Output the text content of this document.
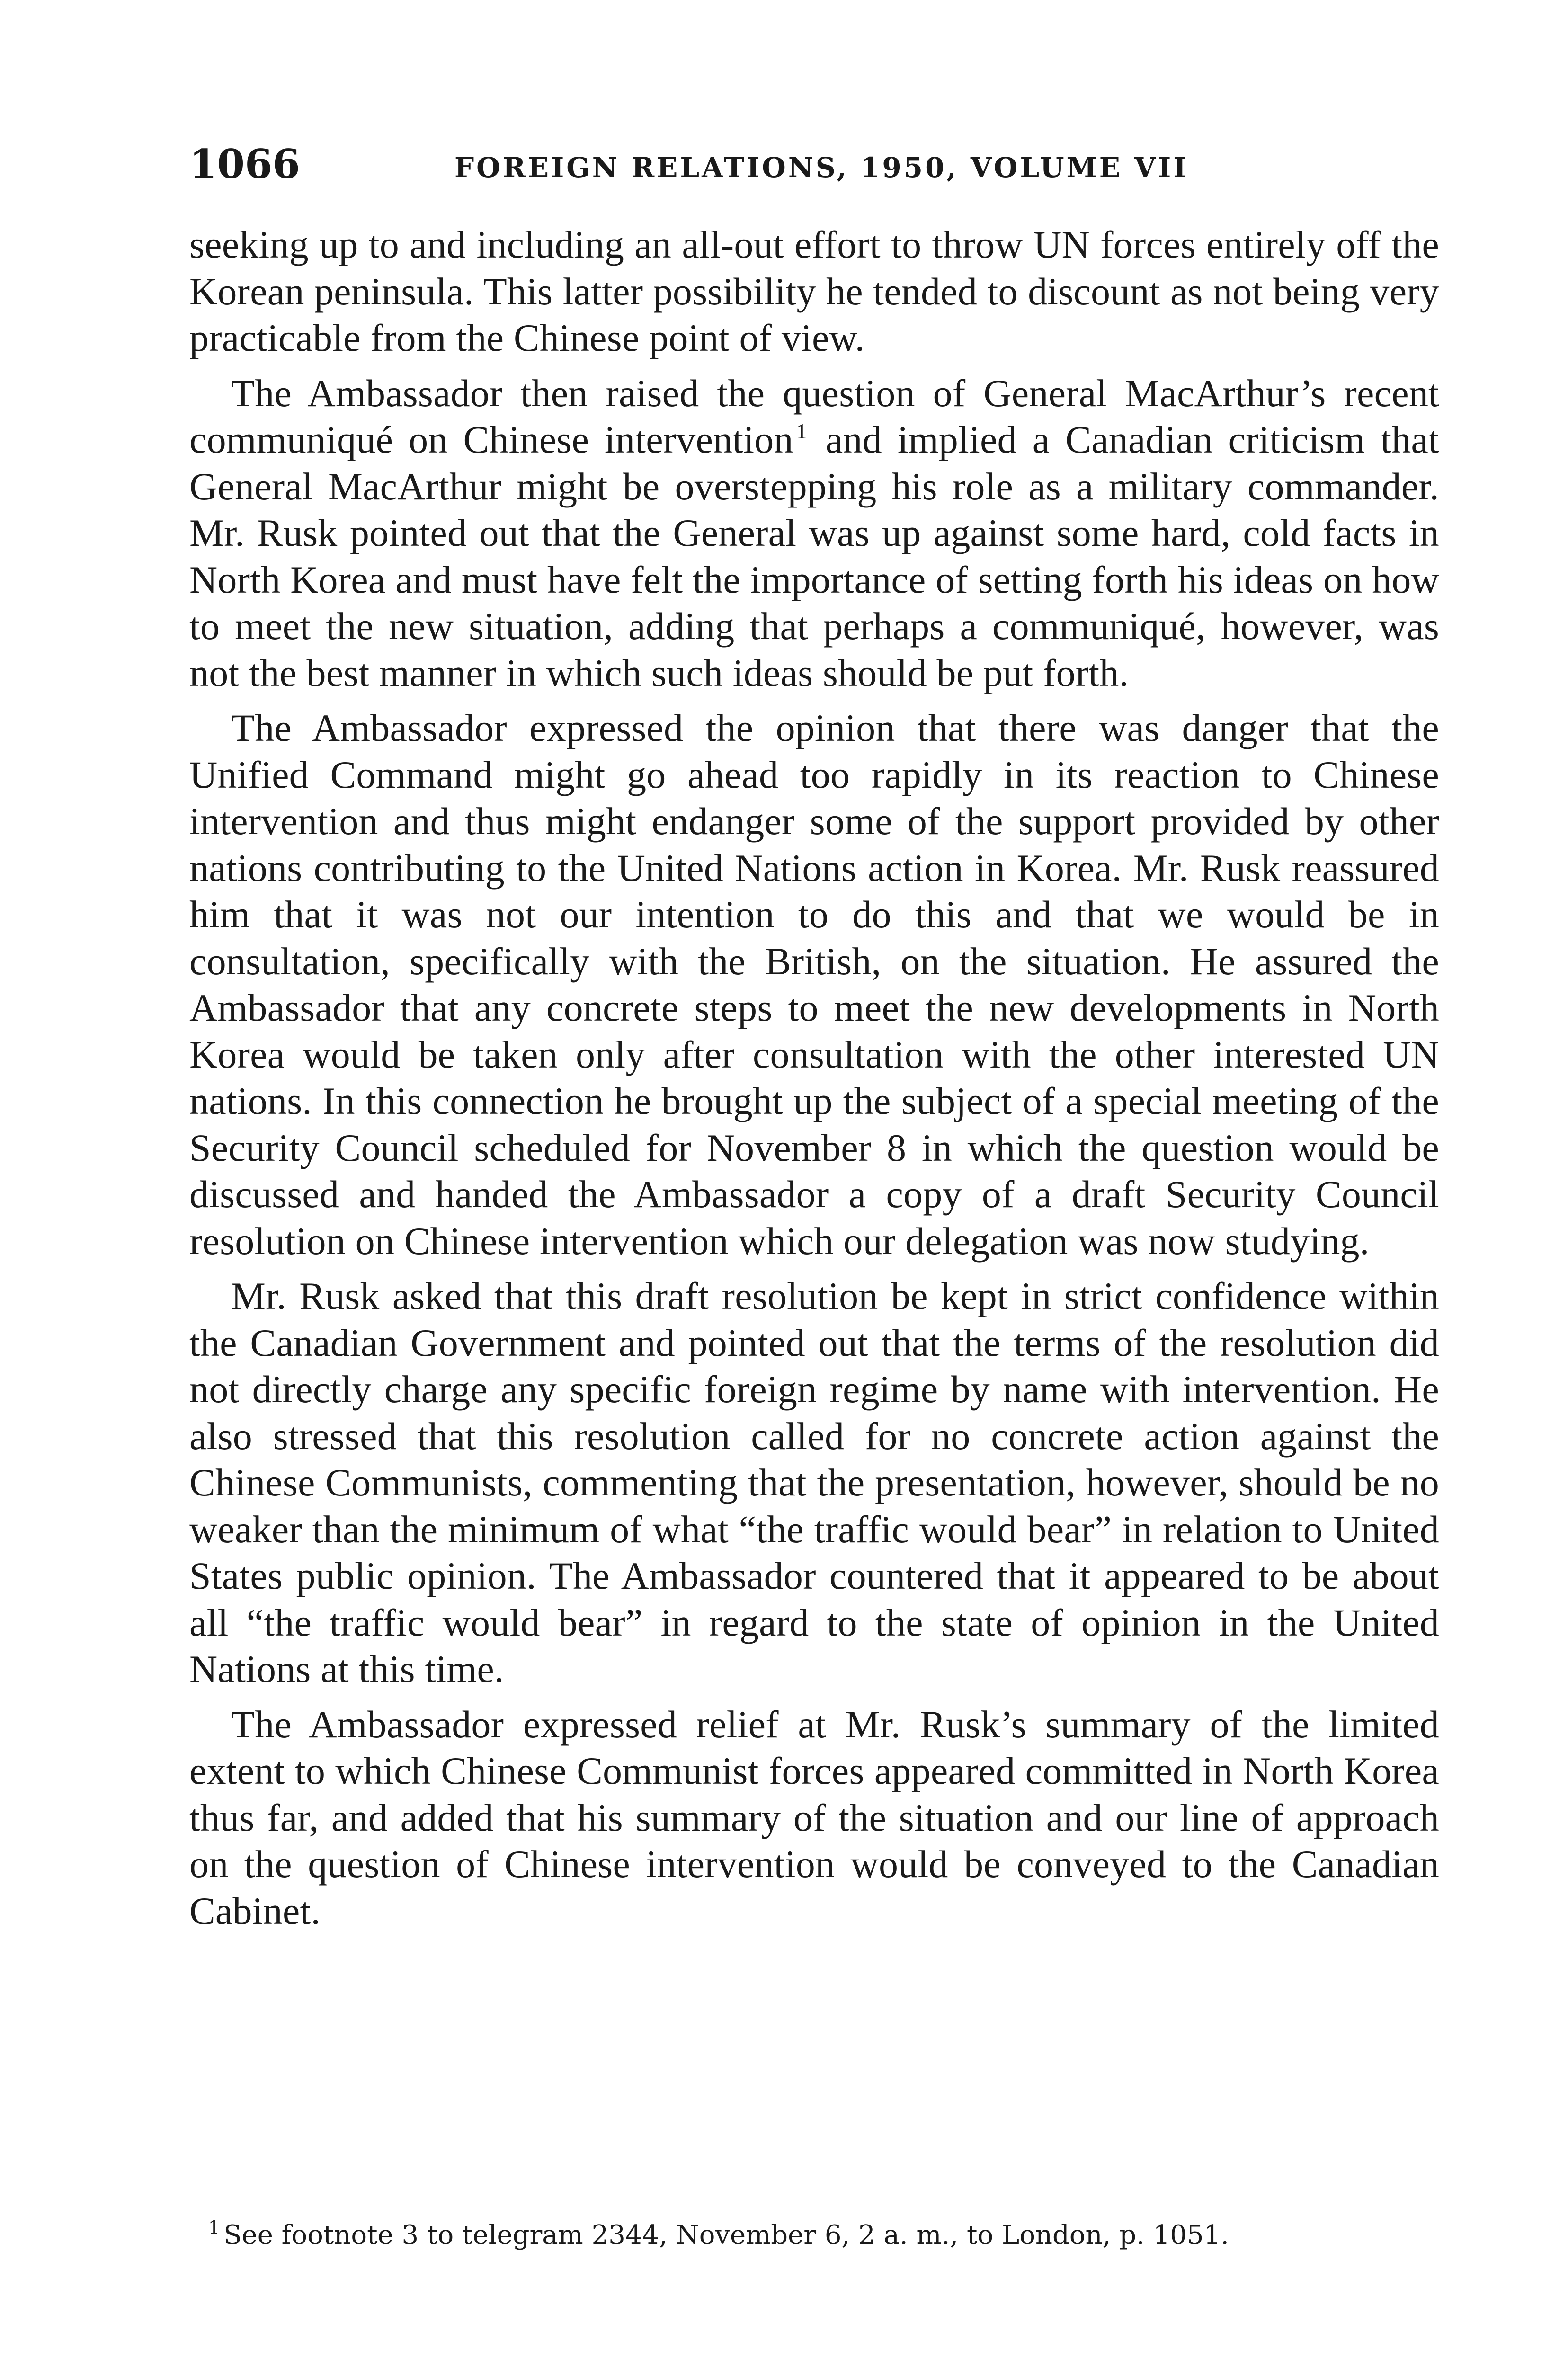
1066	FOREIGN RELATIONS, 1950, VOLUME VII

seeking up to and including an all-out effort to throw UN forces entirely off the Korean peninsula. This latter possibility he tended to discount as not being very practicable from the Chinese point of view.

The Ambassador then raised the question of General MacArthur’s recent communiqué on Chinese intervention $^1$ and implied a Canadian criticism that General MacArthur might be overstepping his role as a military commander. Mr. Rusk pointed out that the General was up against some hard, cold facts in North Korea and must have felt the importance of setting forth his ideas on how to meet the new situation, adding that perhaps a communiqué, however, was not the best manner in which such ideas should be put forth.

The Ambassador expressed the opinion that there was danger that the Unified Command might go ahead too rapidly in its reaction to Chinese intervention and thus might endanger some of the support provided by other nations contributing to the United Nations action in Korea. Mr. Rusk reassured him that it was not our intention to do this and that we would be in consultation, specifically with the British, on the situation. He assured the Ambassador that any concrete steps to meet the new developments in North Korea would be taken only after consultation with the other interested UN nations. In this connection he brought up the subject of a special meeting of the Security Council scheduled for November 8 in which the question would be discussed and handed the Ambassador a copy of a draft Security Council resolution on Chinese intervention which our delegation was now studying.

Mr. Rusk asked that this draft resolution be kept in strict confidence within the Canadian Government and pointed out that the terms of the resolution did not directly charge any specific foreign regime by name with intervention. He also stressed that this resolution called for no concrete action against the Chinese Communists, commenting that the presentation, however, should be no weaker than the minimum of what “the traffic would bear” in relation to United States public opinion. The Ambassador countered that it appeared to be about all “the traffic would bear” in regard to the state of opinion in the United Nations at this time.

The Ambassador expressed relief at Mr. Rusk’s summary of the limited extent to which Chinese Communist forces appeared committed in North Korea thus far, and added that his summary of the situation and our line of approach on the question of Chinese intervention would be conveyed to the Canadian Cabinet.

$^1$ See footnote 3 to telegram 2344, November 6, 2 a. m., to London, p. 1051.
